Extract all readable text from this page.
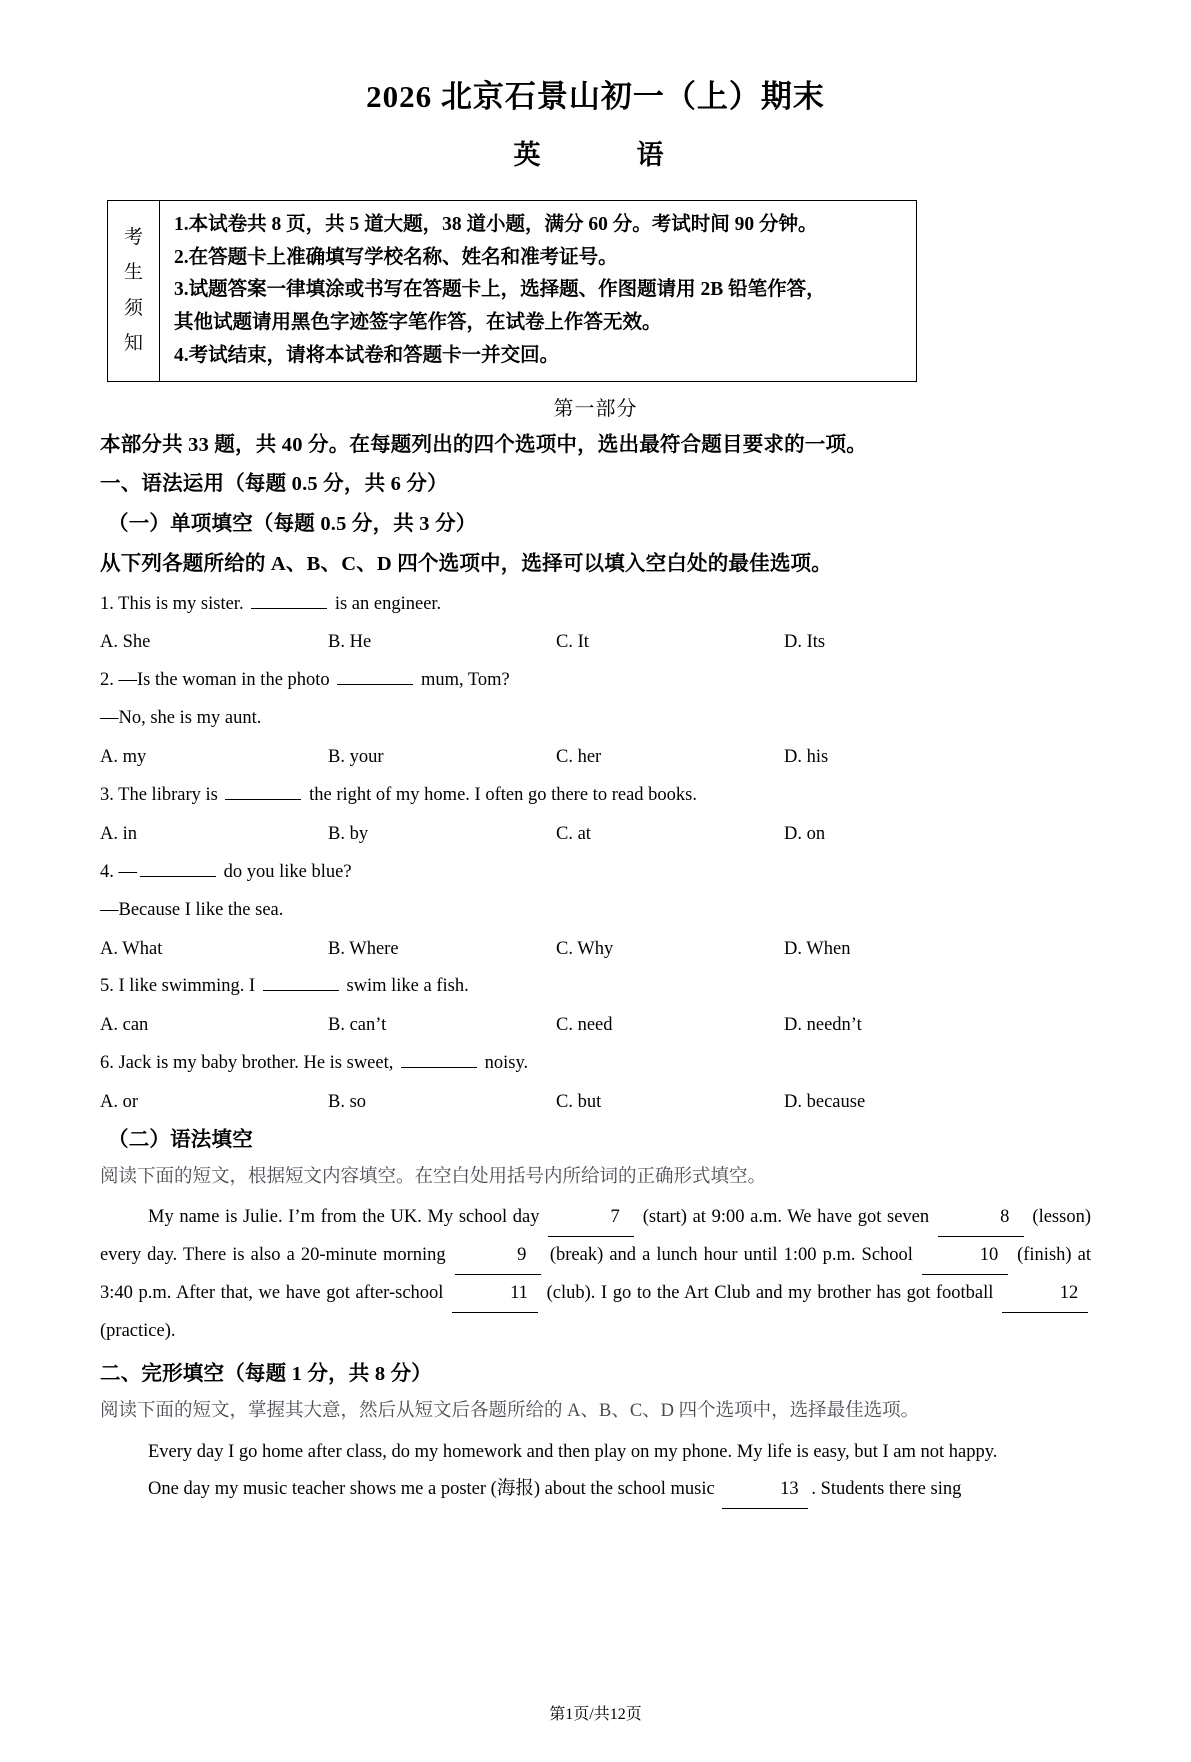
2026 北京石景山初一（上）期末
英　　语
考
生
须
知

1.本试卷共 8 页，共 5 道大题，38 道小题，满分 60 分。考试时间 90 分钟。

2.在答题卡上准确填写学校名称、姓名和准考证号。

3.试题答案一律填涂或书写在答题卡上，选择题、作图题请用 2B 铅笔作答，

其他试题请用黑色字迹签字笔作答，在试卷上作答无效。

4.考试结束，请将本试卷和答题卡一并交回。

第一部分
本部分共 33 题，共 40 分。在每题列出的四个选项中，选出最符合题目要求的一项。
一、语法运用（每题 0.5 分，共 6 分）
（一）单项填空（每题 0.5 分，共 3 分）
从下列各题所给的 A、B、C、D 四个选项中，选择可以填入空白处的最佳选项。
1. This is my sister.	is an engineer.
A. She	B. He	C. It	D. Its
2. —Is the woman in the photo	mum, Tom?
—No, she is my aunt.
A. my	B. your	C. her	D. his
3. The library is	the right of my home. I often go there to read books.
A. in	B. by	C. at	D. on
4. —	do you like blue?
—Because I like the sea.
A. What	B. Where	C. Why	D. When
5. I like swimming. I	swim like a fish.
A. can	B. can’t	C. need	D. needn’t
6. Jack is my baby brother. He is sweet,	noisy.
A. or	B. so	C. but	D. because
（二）语法填空
阅读下面的短文，根据短文内容填空。在空白处用括号内所给词的正确形式填空。

My name is Julie. I’m from the UK. My school day	7 (start) at 9:00 a.m. We have got seven	8 (lesson) every day. There is also a 20-minute morning	9 (break) and a lunch hour until 1:00 p.m. School	10 (finish) at 3:40 p.m. After that, we have got after-school	11 (club). I go to the Art Club and my brother has got football	12 (practice).

二、完形填空（每题 1 分，共 8 分）
阅读下面的短文，掌握其大意，然后从短文后各题所给的 A、B、C、D 四个选项中，选择最佳选项。

Every day I go home after class, do my homework and then play on my phone. My life is easy, but I am not happy.

One day my music teacher shows me a poster (海报) about the school music	13 . Students there sing

第1页/共12页
